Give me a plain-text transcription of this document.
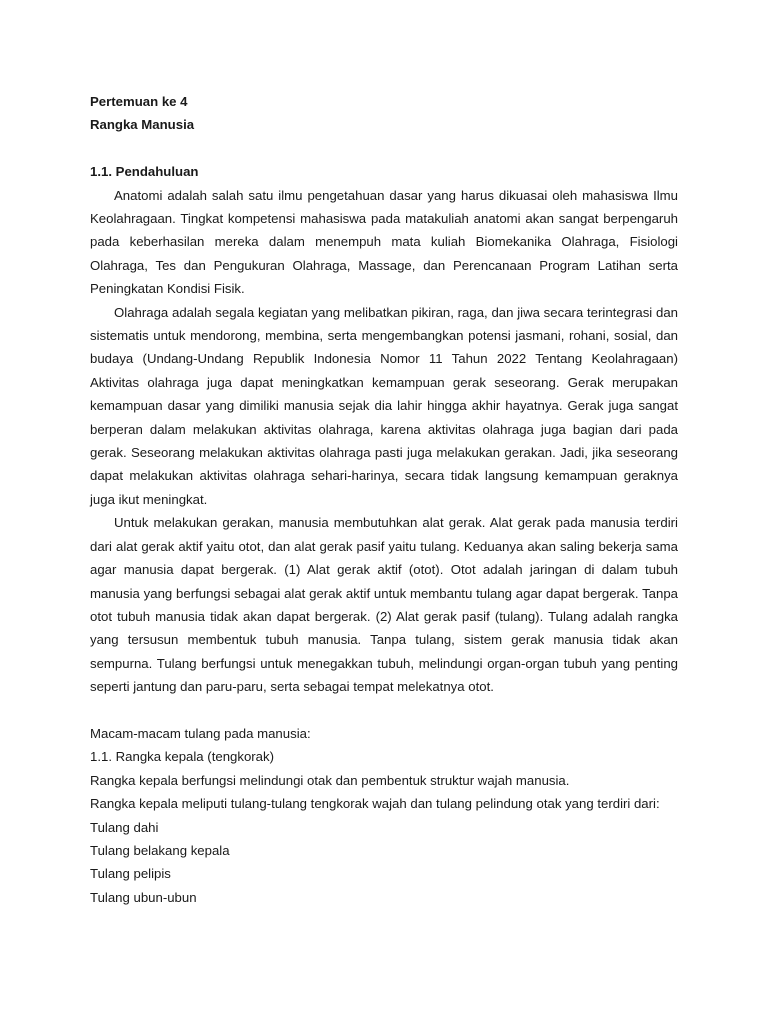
Pertemuan ke 4

Rangka Manusia

1.1. Pendahuluan

Anatomi adalah salah satu ilmu pengetahuan dasar yang harus dikuasai oleh mahasiswa Ilmu Keolahragaan. Tingkat kompetensi mahasiswa pada matakuliah anatomi akan sangat berpengaruh pada keberhasilan mereka dalam menempuh mata kuliah Biomekanika Olahraga, Fisiologi Olahraga, Tes dan Pengukuran Olahraga, Massage, dan Perencanaan Program Latihan serta Peningkatan Kondisi Fisik.

Olahraga adalah segala kegiatan yang melibatkan pikiran, raga, dan jiwa secara terintegrasi dan sistematis untuk mendorong, membina, serta mengembangkan potensi jasmani, rohani, sosial, dan budaya (Undang-Undang Republik Indonesia Nomor 11 Tahun 2022 Tentang Keolahragaan) Aktivitas olahraga juga dapat meningkatkan kemampuan gerak seseorang. Gerak merupakan kemampuan dasar yang dimiliki manusia sejak dia lahir hingga akhir hayatnya. Gerak juga sangat berperan dalam melakukan aktivitas olahraga, karena aktivitas olahraga juga bagian dari pada gerak. Seseorang melakukan aktivitas olahraga pasti juga melakukan gerakan. Jadi, jika seseorang dapat melakukan aktivitas olahraga sehari-harinya, secara tidak langsung kemampuan geraknya juga ikut meningkat.

Untuk melakukan gerakan, manusia membutuhkan alat gerak. Alat gerak pada manusia terdiri dari alat gerak aktif yaitu otot, dan alat gerak pasif yaitu tulang. Keduanya akan saling bekerja sama agar manusia dapat bergerak. (1) Alat gerak aktif (otot). Otot adalah jaringan di dalam tubuh manusia yang berfungsi sebagai alat gerak aktif untuk membantu tulang agar dapat bergerak. Tanpa otot tubuh manusia tidak akan dapat bergerak. (2) Alat gerak pasif (tulang). Tulang adalah rangka yang tersusun membentuk tubuh manusia. Tanpa tulang, sistem gerak manusia tidak akan sempurna. Tulang berfungsi untuk menegakkan tubuh, melindungi organ-organ tubuh yang penting seperti jantung dan paru-paru, serta sebagai tempat melekatnya otot.

Macam-macam tulang pada manusia:

1.1. Rangka kepala (tengkorak)

Rangka kepala berfungsi melindungi otak dan pembentuk struktur wajah manusia.

Rangka kepala meliputi tulang-tulang tengkorak wajah dan tulang pelindung otak yang terdiri dari:

Tulang dahi

Tulang belakang kepala

Tulang pelipis

Tulang ubun-ubun
